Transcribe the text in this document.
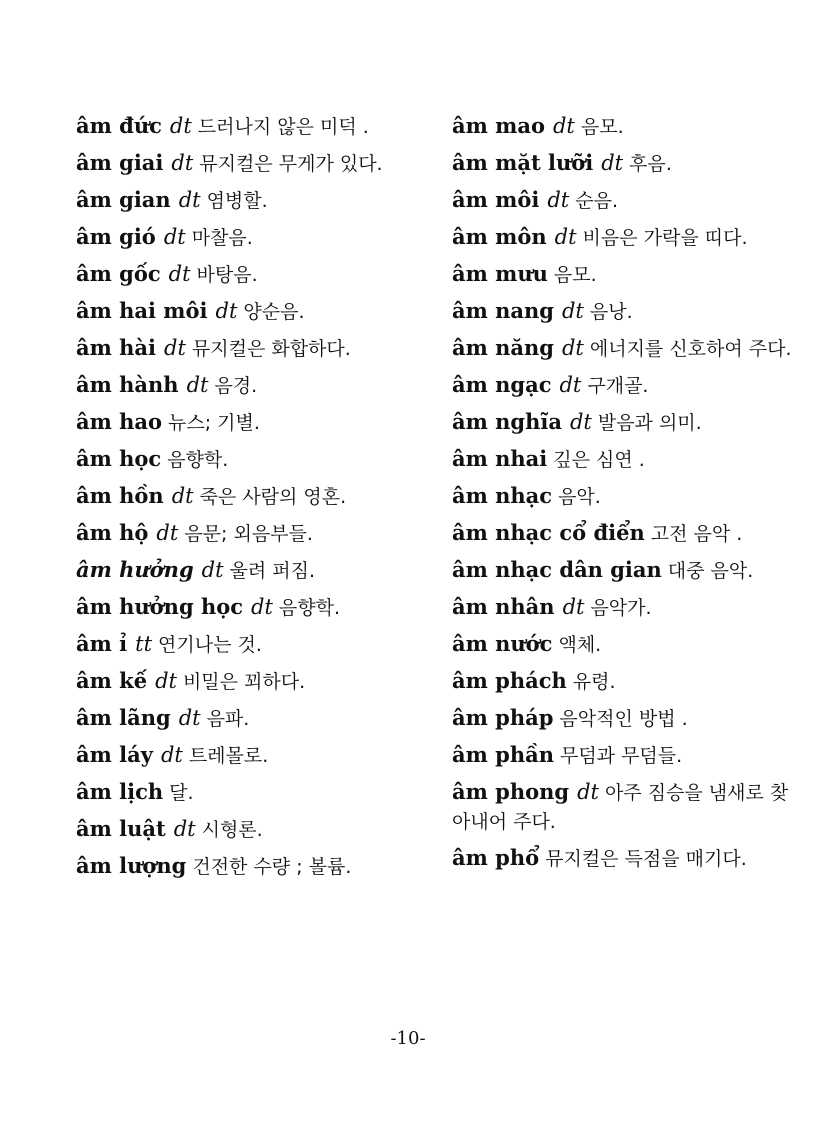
âm đức dt 드러나지 않은 미덕 .
âm giai dt 뮤지컬은 무게가 있다.
âm gian dt 염병할.
âm gió dt 마찰음.
âm gốc dt 바탕음.
âm hai môi dt 양순음.
âm hài dt 뮤지컬은 화합하다.
âm hành dt 음경.
âm hao 뉴스; 기별.
âm học 음향학.
âm hồn dt 죽은 사람의 영혼.
âm hộ dt 음문; 외음부들.
âm hưởng dt 울려 퍼짐.
âm hưởng học dt 음향학.
âm ỉ tt 연기나는 것.
âm kế dt 비밀은 꾀하다.
âm lãng dt 음파.
âm láy dt 트레몰로.
âm lịch 달.
âm luật dt 시형론.
âm lượng 건전한 수량 ; 볼륨.
âm mao dt 음모.
âm mặt lưỡi dt 후음.
âm môi dt 순음.
âm môn dt 비음은 가락을 띠다.
âm mưu 음모.
âm nang dt 음낭.
âm năng dt 에너지를 신호하여 주다.
âm ngạc dt 구개골.
âm nghĩa dt 발음과 의미.
âm nhai 깊은 심연 .
âm nhạc 음악.
âm nhạc cổ điển 고전 음악 .
âm nhạc dân gian 대중 음악.
âm nhân dt 음악가.
âm nước 액체.
âm phách 유령.
âm pháp 음악적인 방법 .
âm phần 무덤과 무덤들.
âm phong dt 아주 짐승을 냄새로 찾아내어 주다.
âm phổ 뮤지컬은 득점을 매기다.
-10-
